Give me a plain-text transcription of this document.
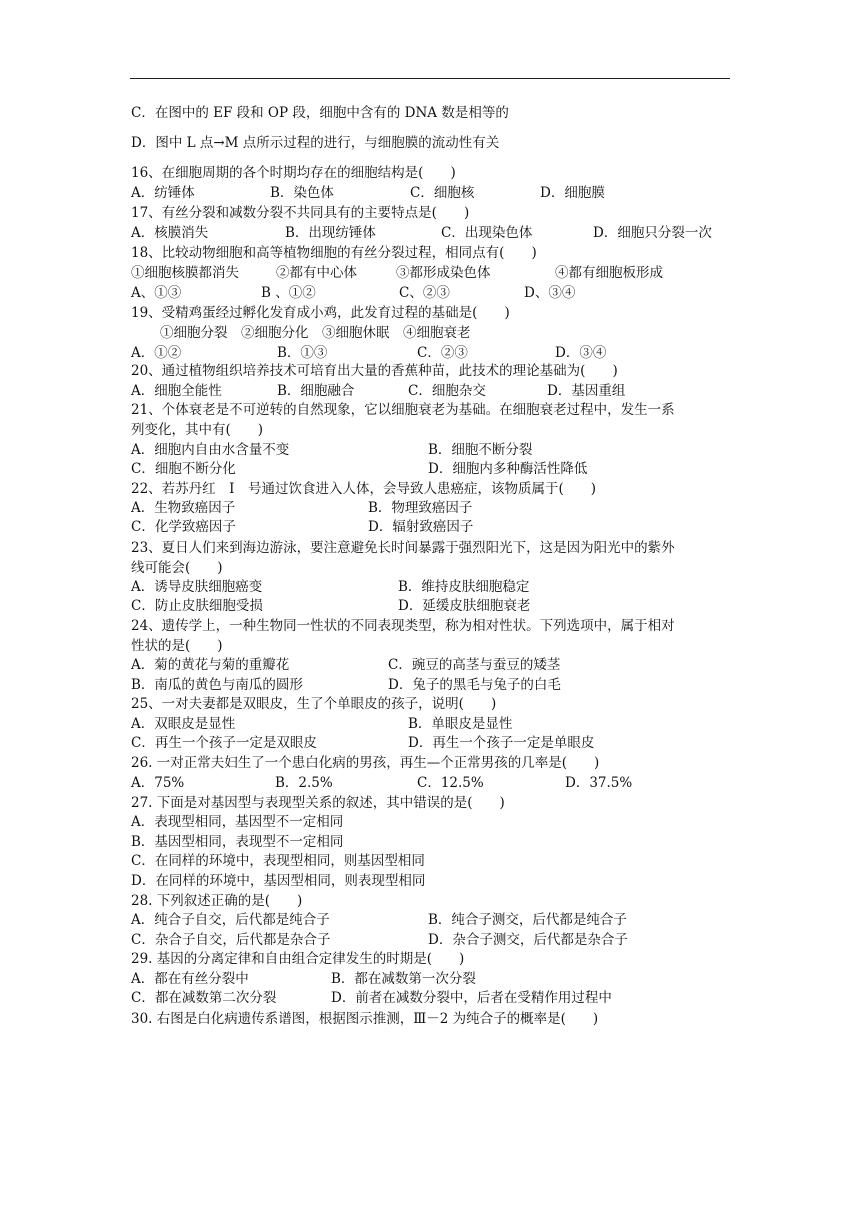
C．在图中的 EF 段和 OP 段，细胞中含有的 DNA 数是相等的
D．图中 L 点→M 点所示过程的进行，与细胞膜的流动性有关
16、在细胞周期的各个时期均存在的细胞结构是(　　)
A．纺锤体	B．染色体	C．细胞核	D．细胞膜
17、有丝分裂和减数分裂不共同具有的主要特点是(　　)
A．核膜消失	B．出现纺锤体	C．出现染色体	D．细胞只分裂一次
18、比较动物细胞和高等植物细胞的有丝分裂过程，相同点有(　　)
①细胞核膜都消失	②都有中心体	③都形成染色体	④都有细胞板形成
A、①③	B 、①②	C、②③	D、③④
19、受精鸡蛋经过孵化发育成小鸡，此发育过程的基础是(　　)
①细胞分裂　②细胞分化　③细胞休眠　④细胞衰老
A．①②	B．①③	C．②③	D．③④
20、通过植物组织培养技术可培育出大量的香蕉种苗，此技术的理论基础为(　　)
A．细胞全能性	B．细胞融合	C．细胞杂交	D．基因重组
21、个体衰老是不可逆转的自然现象，它以细胞衰老为基础。在细胞衰老过程中，发生一系
列变化，其中有(　　)
A．细胞内自由水含量不变	B．细胞不断分裂
C．细胞不断分化	D．细胞内多种酶活性降低
22、若苏丹红　Ⅰ　号通过饮食进入人体，会导致人患癌症，该物质属于(　　)
A．生物致癌因子	B．物理致癌因子
C．化学致癌因子	D．辐射致癌因子
23、夏日人们来到海边游泳，要注意避免长时间暴露于强烈阳光下，这是因为阳光中的紫外
线可能会(　　)
A．诱导皮肤细胞癌变	B．维持皮肤细胞稳定
C．防止皮肤细胞受损	D．延缓皮肤细胞衰老
24、遗传学上，一种生物同一性状的不同表现类型，称为相对性状。下列选项中，属于相对
性状的是(　　)
A．菊的黄花与菊的重瓣花	C．豌豆的高茎与蚕豆的矮茎
B．南瓜的黄色与南瓜的圆形	D．兔子的黑毛与兔子的白毛
25、一对夫妻都是双眼皮，生了个单眼皮的孩子，说明(　　)
A．双眼皮是显性	B．单眼皮是显性
C．再生一个孩子一定是双眼皮	D．再生一个孩子一定是单眼皮
26. 一对正常夫妇生了一个患白化病的男孩，再生—个正常男孩的几率是(　　)
A．75%	B．2.5%	C．12.5%	D．37.5%
27. 下面是对基因型与表现型关系的叙述，其中错误的是(　　)
A．表现型相同，基因型不一定相同
B．基因型相同，表现型不一定相同
C．在同样的环境中，表现型相同，则基因型相同
D．在同样的环境中，基因型相同，则表现型相同
28. 下列叙述正确的是(　　)
A．纯合子自交，后代都是纯合子	B．纯合子测交，后代都是纯合子
C．杂合子自交，后代都是杂合子	D．杂合子测交，后代都是杂合子
29. 基因的分离定律和自由组合定律发生的时期是(　　)
A．都在有丝分裂中	B．都在减数第一次分裂
C．都在减数第二次分裂	D．前者在减数分裂中，后者在受精作用过程中
30. 右图是白化病遗传系谱图，根据图示推测，Ⅲ－2 为纯合子的概率是(　　)
